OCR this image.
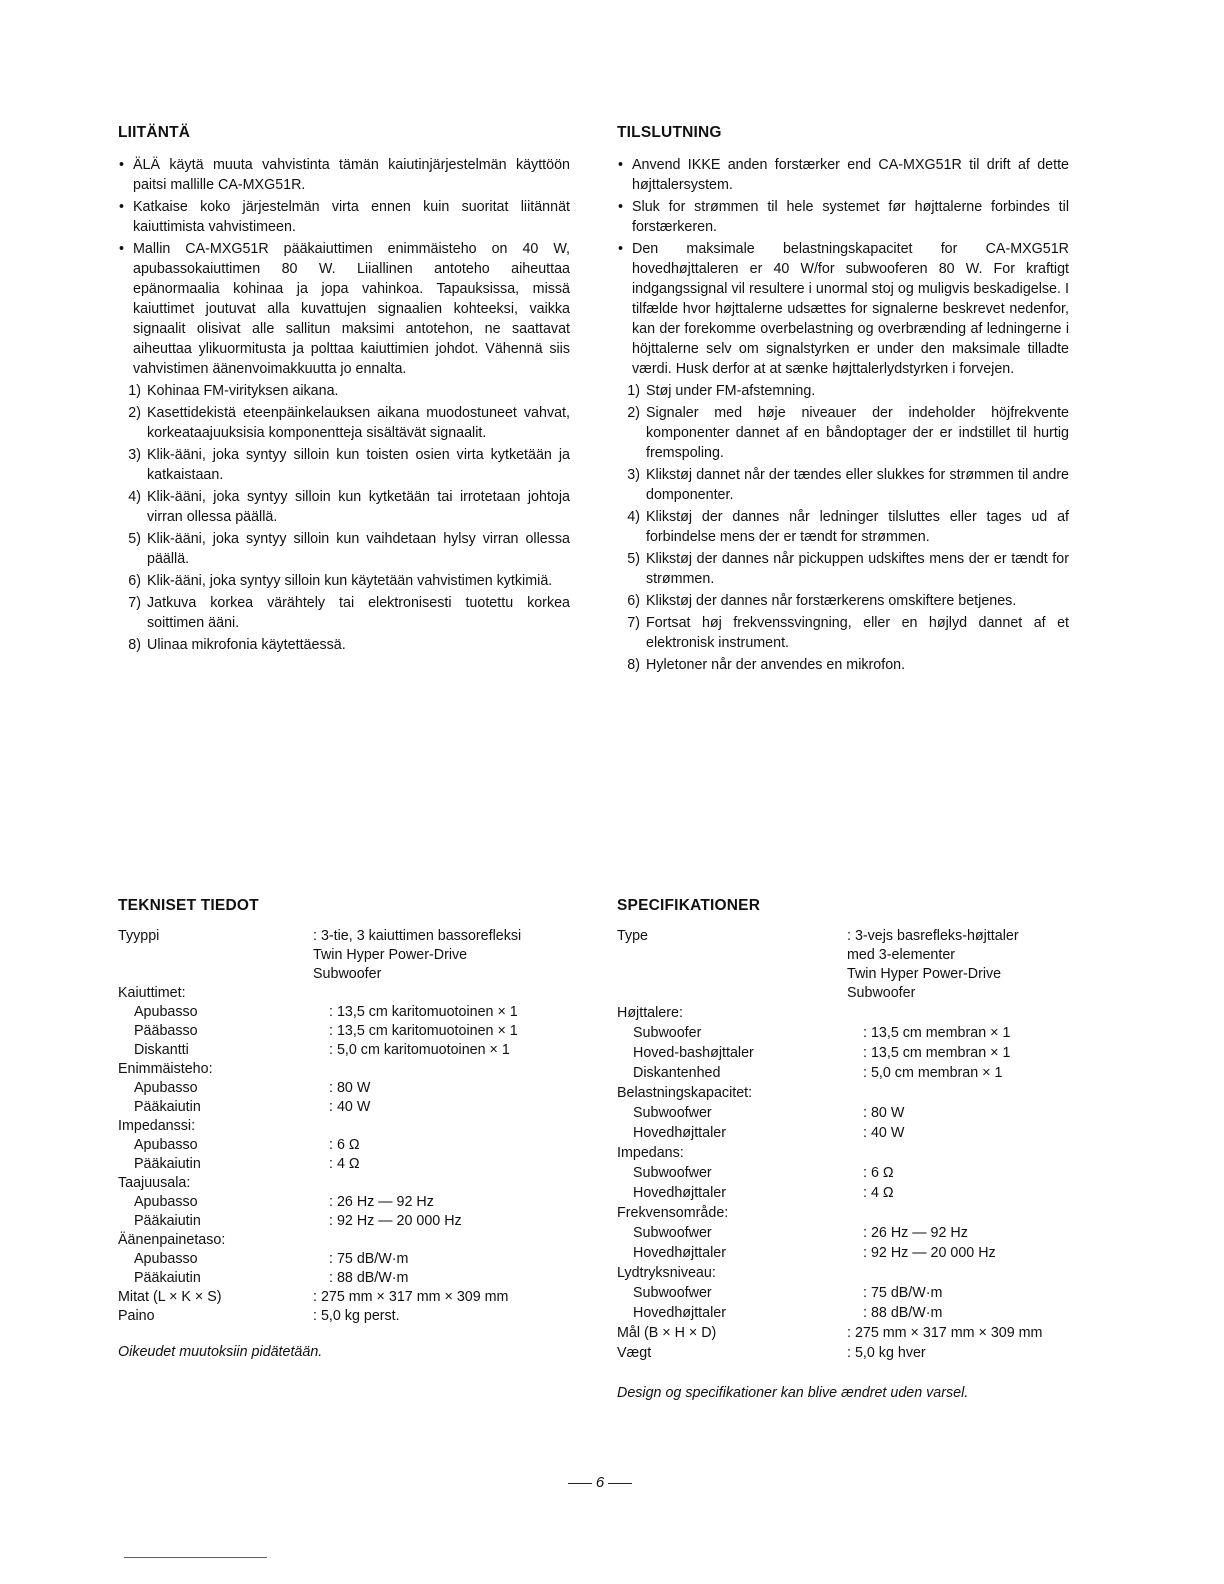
LIITÄNTÄ
• ÄLÄ käytä muuta vahvistinta tämän kaiutinjärjestelmän käyttöön paitsi mallille CA-MXG51R.
• Katkaise koko järjestelmän virta ennen kuin suoritat liitännät kaiuttimista vahvistimeen.
• Mallin CA-MXG51R pääkaiuttimen enimmäisteho on 40 W, apubassokaiuttimen 80 W. Liiallinen antoteho aiheuttaa epänormaalia kohinaa ja jopa vahinkoa. Tapauksissa, missä kaiuttimet joutuvat alla kuvattujen signaalien kohteeksi, vaikka signaalit olisivat alle sallitun maksimi antotehon, ne saattavat aiheuttaa ylikuormitusta ja polttaa kaiuttimien johdot. Vähennä siis vahvistimen äänenvoimakkuutta jo ennalta.
1) Kohinaa FM-virityksen aikana.
2) Kasettidekistä eteenpäinkelauksen aikana muodostuneet vahvat, korkeataajuuksisia komponentteja sisältävät signaalit.
3) Klik-ääni, joka syntyy silloin kun toisten osien virta kytketään ja katkaistaan.
4) Klik-ääni, joka syntyy silloin kun kytketään tai irrotetaan johtoja virran ollessa päällä.
5) Klik-ääni, joka syntyy silloin kun vaihdetaan hylsy virran ollessa päällä.
6) Klik-ääni, joka syntyy silloin kun käytetään vahvistimen kytkimiä.
7) Jatkuva korkea värähtely tai elektronisesti tuotettu korkea soittimen ääni.
8) Ulinaa mikrofonia käytettäessä.
TILSLUTNING
• Anvend IKKE anden forstærker end CA-MXG51R til drift af dette højttalersystem.
• Sluk for strømmen til hele systemet før højttalerne forbindes til forstærkeren.
• Den maksimale belastningskapacitet for CA-MXG51R hovedhøjttaleren er 40 W/for subwooferen 80 W. For kraftigt indgangssignal vil resultere i unormal stoj og muligvis beskadigelse. I tilfælde hvor højttalerne udsættes for signalerne beskrevet nedenfor, kan der forekomme overbelastning og overbrænding af ledningerne i höjttalerne selv om signalstyrken er under den maksimale tilladte værdi. Husk derfor at at sænke højttalerlydstyrken i forvejen.
1) Støj under FM-afstemning.
2) Signaler med høje niveauer der indeholder höjfrekvente komponenter dannet af en båndoptager der er indstillet til hurtig fremspoling.
3) Klikstøj dannet når der tændes eller slukkes for strømmen til andre domponenter.
4) Klikstøj der dannes når ledninger tilsluttes eller tages ud af forbindelse mens der er tændt for strømmen.
5) Klikstøj der dannes når pickuppen udskiftes mens der er tændt for strømmen.
6) Klikstøj der dannes når forstærkerens omskiftere betjenes.
7) Fortsat høj frekvenssvingning, eller en højlyd dannet af et elektronisk instrument.
8) Hyletoner når der anvendes en mikrofon.
TEKNISET TIEDOT
Tyyppi	: 3-tie, 3 kaiuttimen bassorefleksi
Twin Hyper Power-Drive
Subwoofer
Kaiuttimet:
Apubasso	: 13,5 cm karitomuotoinen × 1
Pääbasso	: 13,5 cm karitomuotoinen × 1
Diskantti	: 5,0 cm karitomuotoinen × 1
Enimmäisteho:
Apubasso	: 80 W
Pääkaiutin	: 40 W
Impedanssi:
Apubasso	: 6 Ω
Pääkaiutin	: 4 Ω
Taajuusala:
Apubasso	: 26 Hz — 92 Hz
Pääkaiutin	: 92 Hz — 20 000 Hz
Äänenpainetaso:
Apubasso	: 75 dB/W·m
Pääkaiutin	: 88 dB/W·m
Mitat (L × K × S)	: 275 mm × 317 mm × 309 mm
Paino	: 5,0 kg perst.

Oikeudet muutoksiin pidätetään.

SPECIFIKATIONER
Type	: 3-vejs basrefleks-højttaler
med 3-elementer
Twin Hyper Power-Drive
Subwoofer
Højttalere:
Subwoofer	: 13,5 cm membran × 1
Hoved-bashøjttaler	: 13,5 cm membran × 1
Diskantenhed	: 5,0 cm membran × 1
Belastningskapacitet:
Subwoofwer	: 80 W
Hovedhøjttaler	: 40 W
Impedans:
Subwoofwer	: 6 Ω
Hovedhøjttaler	: 4 Ω
Frekvensområde:
Subwoofwer	: 26 Hz — 92 Hz
Hovedhøjttaler	: 92 Hz — 20 000 Hz
Lydtryksniveau:
Subwoofwer	: 75 dB/W·m
Hovedhøjttaler	: 88 dB/W·m
Mål (B × H × D)	: 275 mm × 317 mm × 309 mm
Vægt	: 5,0 kg hver

Design og specifikationer kan blive ændret uden varsel.

6
